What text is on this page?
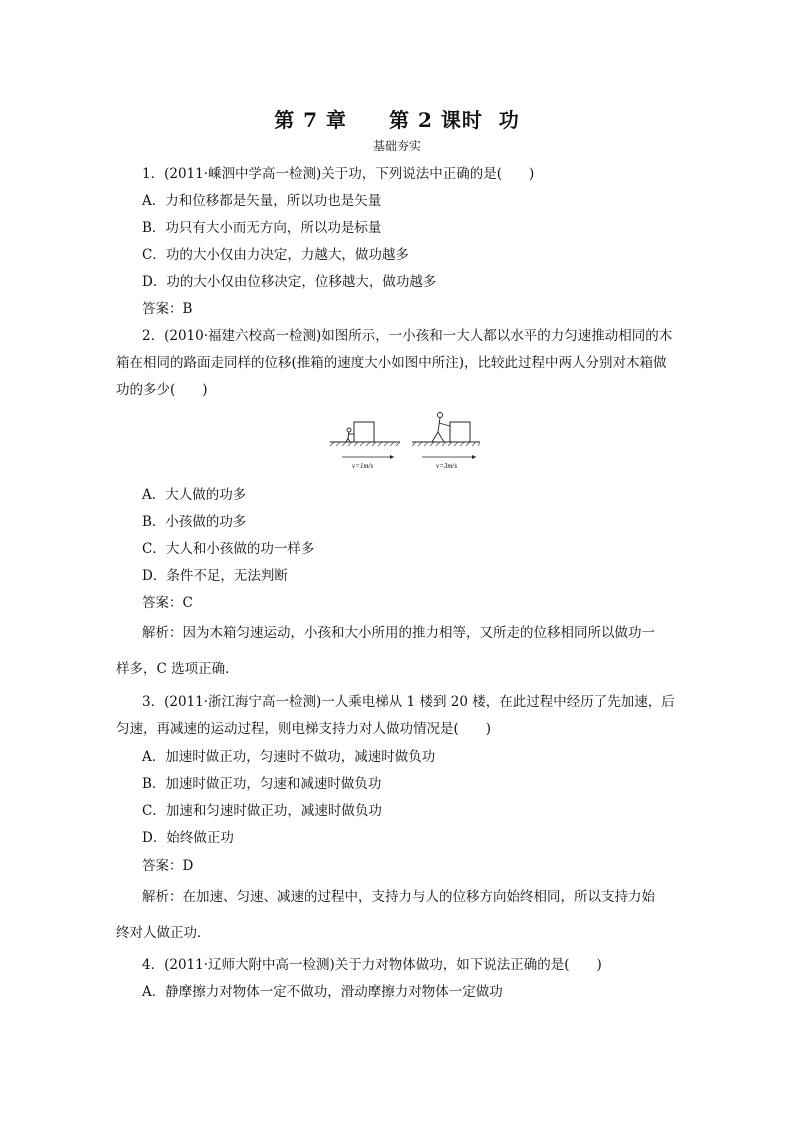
第 7 章　　第 2 课时  功
基础夯实
1．(2011·嵊泗中学高一检测)关于功，下列说法中正确的是(　　)
A．力和位移都是矢量，所以功也是矢量
B．功只有大小而无方向，所以功是标量
C．功的大小仅由力决定，力越大，做功越多
D．功的大小仅由位移决定，位移越大，做功越多
答案：B
2．(2010·福建六校高一检测)如图所示，一小孩和一大人都以水平的力匀速推动相同的木
箱在相同的路面走同样的位移(推箱的速度大小如图中所注)，比较此过程中两人分别对木箱做
功的多少(　　)
v=1m/s	v=3m/s
A．大人做的功多
B．小孩做的功多
C．大人和小孩做的功一样多
D．条件不足，无法判断
答案：C
解析：因为木箱匀速运动，小孩和大小所用的推力相等，又所走的位移相同所以做功一
样多，C 选项正确．
3．(2011·浙江海宁高一检测)一人乘电梯从 1 楼到 20 楼，在此过程中经历了先加速，后
匀速，再减速的运动过程，则电梯支持力对人做功情况是(　　)
A．加速时做正功，匀速时不做功，减速时做负功
B．加速时做正功，匀速和减速时做负功
C．加速和匀速时做正功，减速时做负功
D．始终做正功
答案：D
解析：在加速、匀速、减速的过程中，支持力与人的位移方向始终相同，所以支持力始
终对人做正功．
4．(2011·辽师大附中高一检测)关于力对物体做功，如下说法正确的是(　　)
A．静摩擦力对物体一定不做功，滑动摩擦力对物体一定做功
